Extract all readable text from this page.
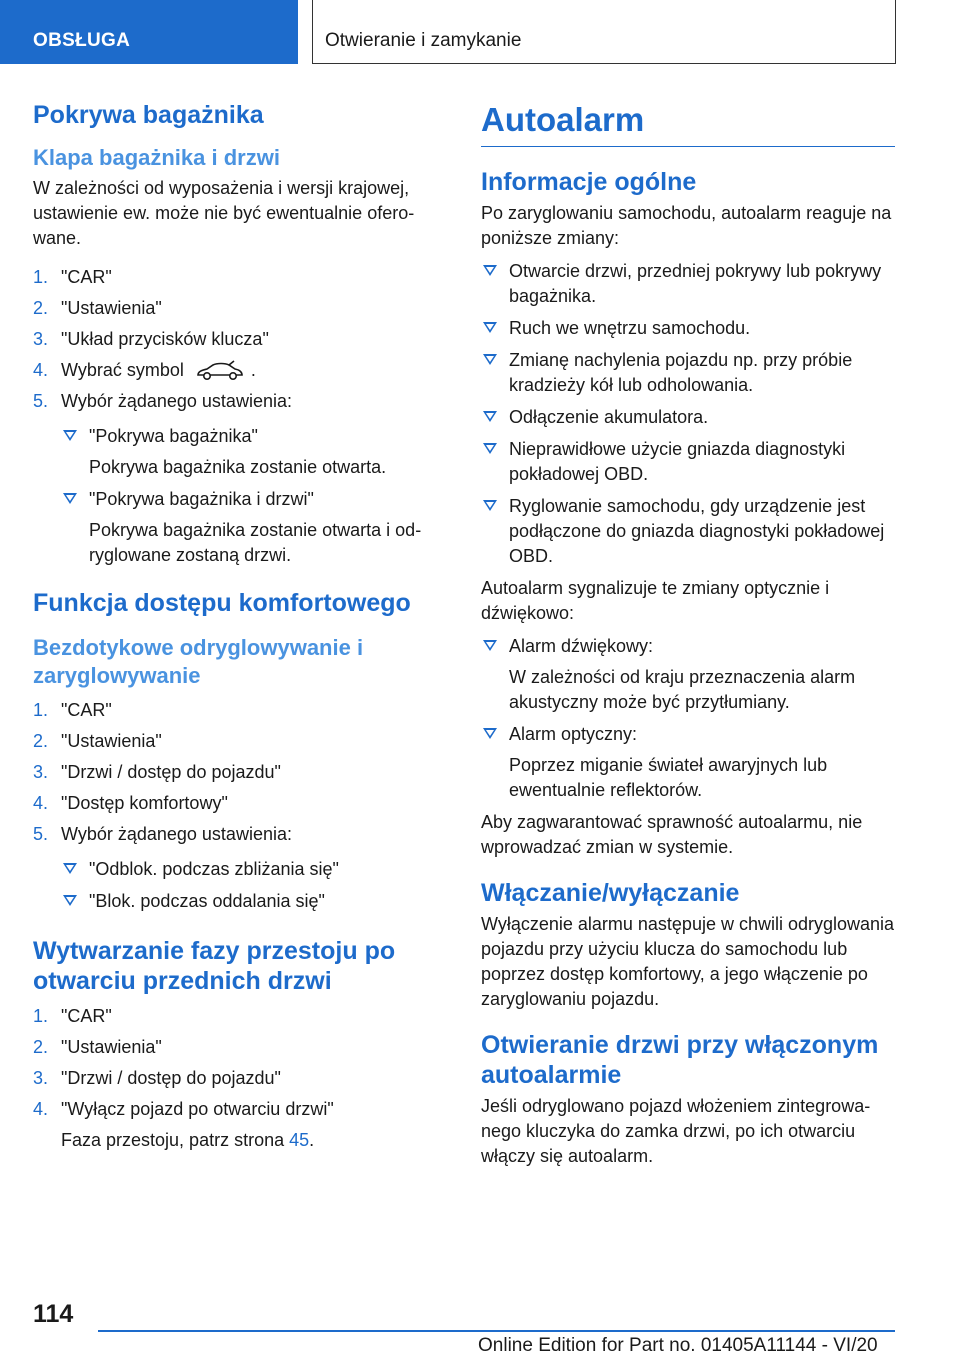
OBSŁUGA	Otwieranie i zamykanie
Pokrywa bagażnika
Klapa bagażnika i drzwi
W zależności od wyposażenia i wersji krajowej, ustawienie ew. może nie być ewentualnie oferowane.
1. "CAR"
2. "Ustawienia"
3. "Układ przycisków klucza"
4. Wybrać symbol	.
5. Wybór żądanego ustawienia:
"Pokrywa bagażnika"
Pokrywa bagażnika zostanie otwarta.
"Pokrywa bagażnika i drzwi"
Pokrywa bagażnika zostanie otwarta i odryglowane zostaną drzwi.
Funkcja dostępu komfortowego
Bezdotykowe odryglowywanie i zaryglowywanie
1. "CAR"
2. "Ustawienia"
3. "Drzwi / dostęp do pojazdu"
4. "Dostęp komfortowy"
5. Wybór żądanego ustawienia:
"Odblok. podczas zbliżania się"
"Blok. podczas oddalania się"
Wytwarzanie fazy przestoju po otwarciu przednich drzwi
1. "CAR"
2. "Ustawienia"
3. "Drzwi / dostęp do pojazdu"
4. "Wyłącz pojazd po otwarciu drzwi"
Faza przestoju, patrz strona 45.
Autoalarm
Informacje ogólne
Po zaryglowaniu samochodu, autoalarm reaguje na poniższe zmiany:
Otwarcie drzwi, przedniej pokrywy lub pokrywy bagażnika.
Ruch we wnętrzu samochodu.
Zmianę nachylenia pojazdu np. przy próbie kradzieży kół lub odholowania.
Odłączenie akumulatora.
Nieprawidłowe użycie gniazda diagnostyki pokładowej OBD.
Ryglowanie samochodu, gdy urządzenie jest podłączone do gniazda diagnostyki pokładowej OBD.
Autoalarm sygnalizuje te zmiany optycznie i dźwiękowo:
Alarm dźwiękowy:
W zależności od kraju przeznaczenia alarm akustyczny może być przytłumiany.
Alarm optyczny:
Poprzez miganie świateł awaryjnych lub ewentualnie reflektorów.
Aby zagwarantować sprawność autoalarmu, nie wprowadzać zmian w systemie.
Włączanie/wyłączanie
Wyłączenie alarmu następuje w chwili odryglowania pojazdu przy użyciu klucza do samochodu lub poprzez dostęp komfortowy, a jego włączenie po zaryglowaniu pojazdu.
Otwieranie drzwi przy włączonym autoalarmie
Jeśli odryglowano pojazd włożeniem zintegrowanego kluczyka do zamka drzwi, po ich otwarciu włączy się autoalarm.
114
Online Edition for Part no. 01405A11144 - VI/20
